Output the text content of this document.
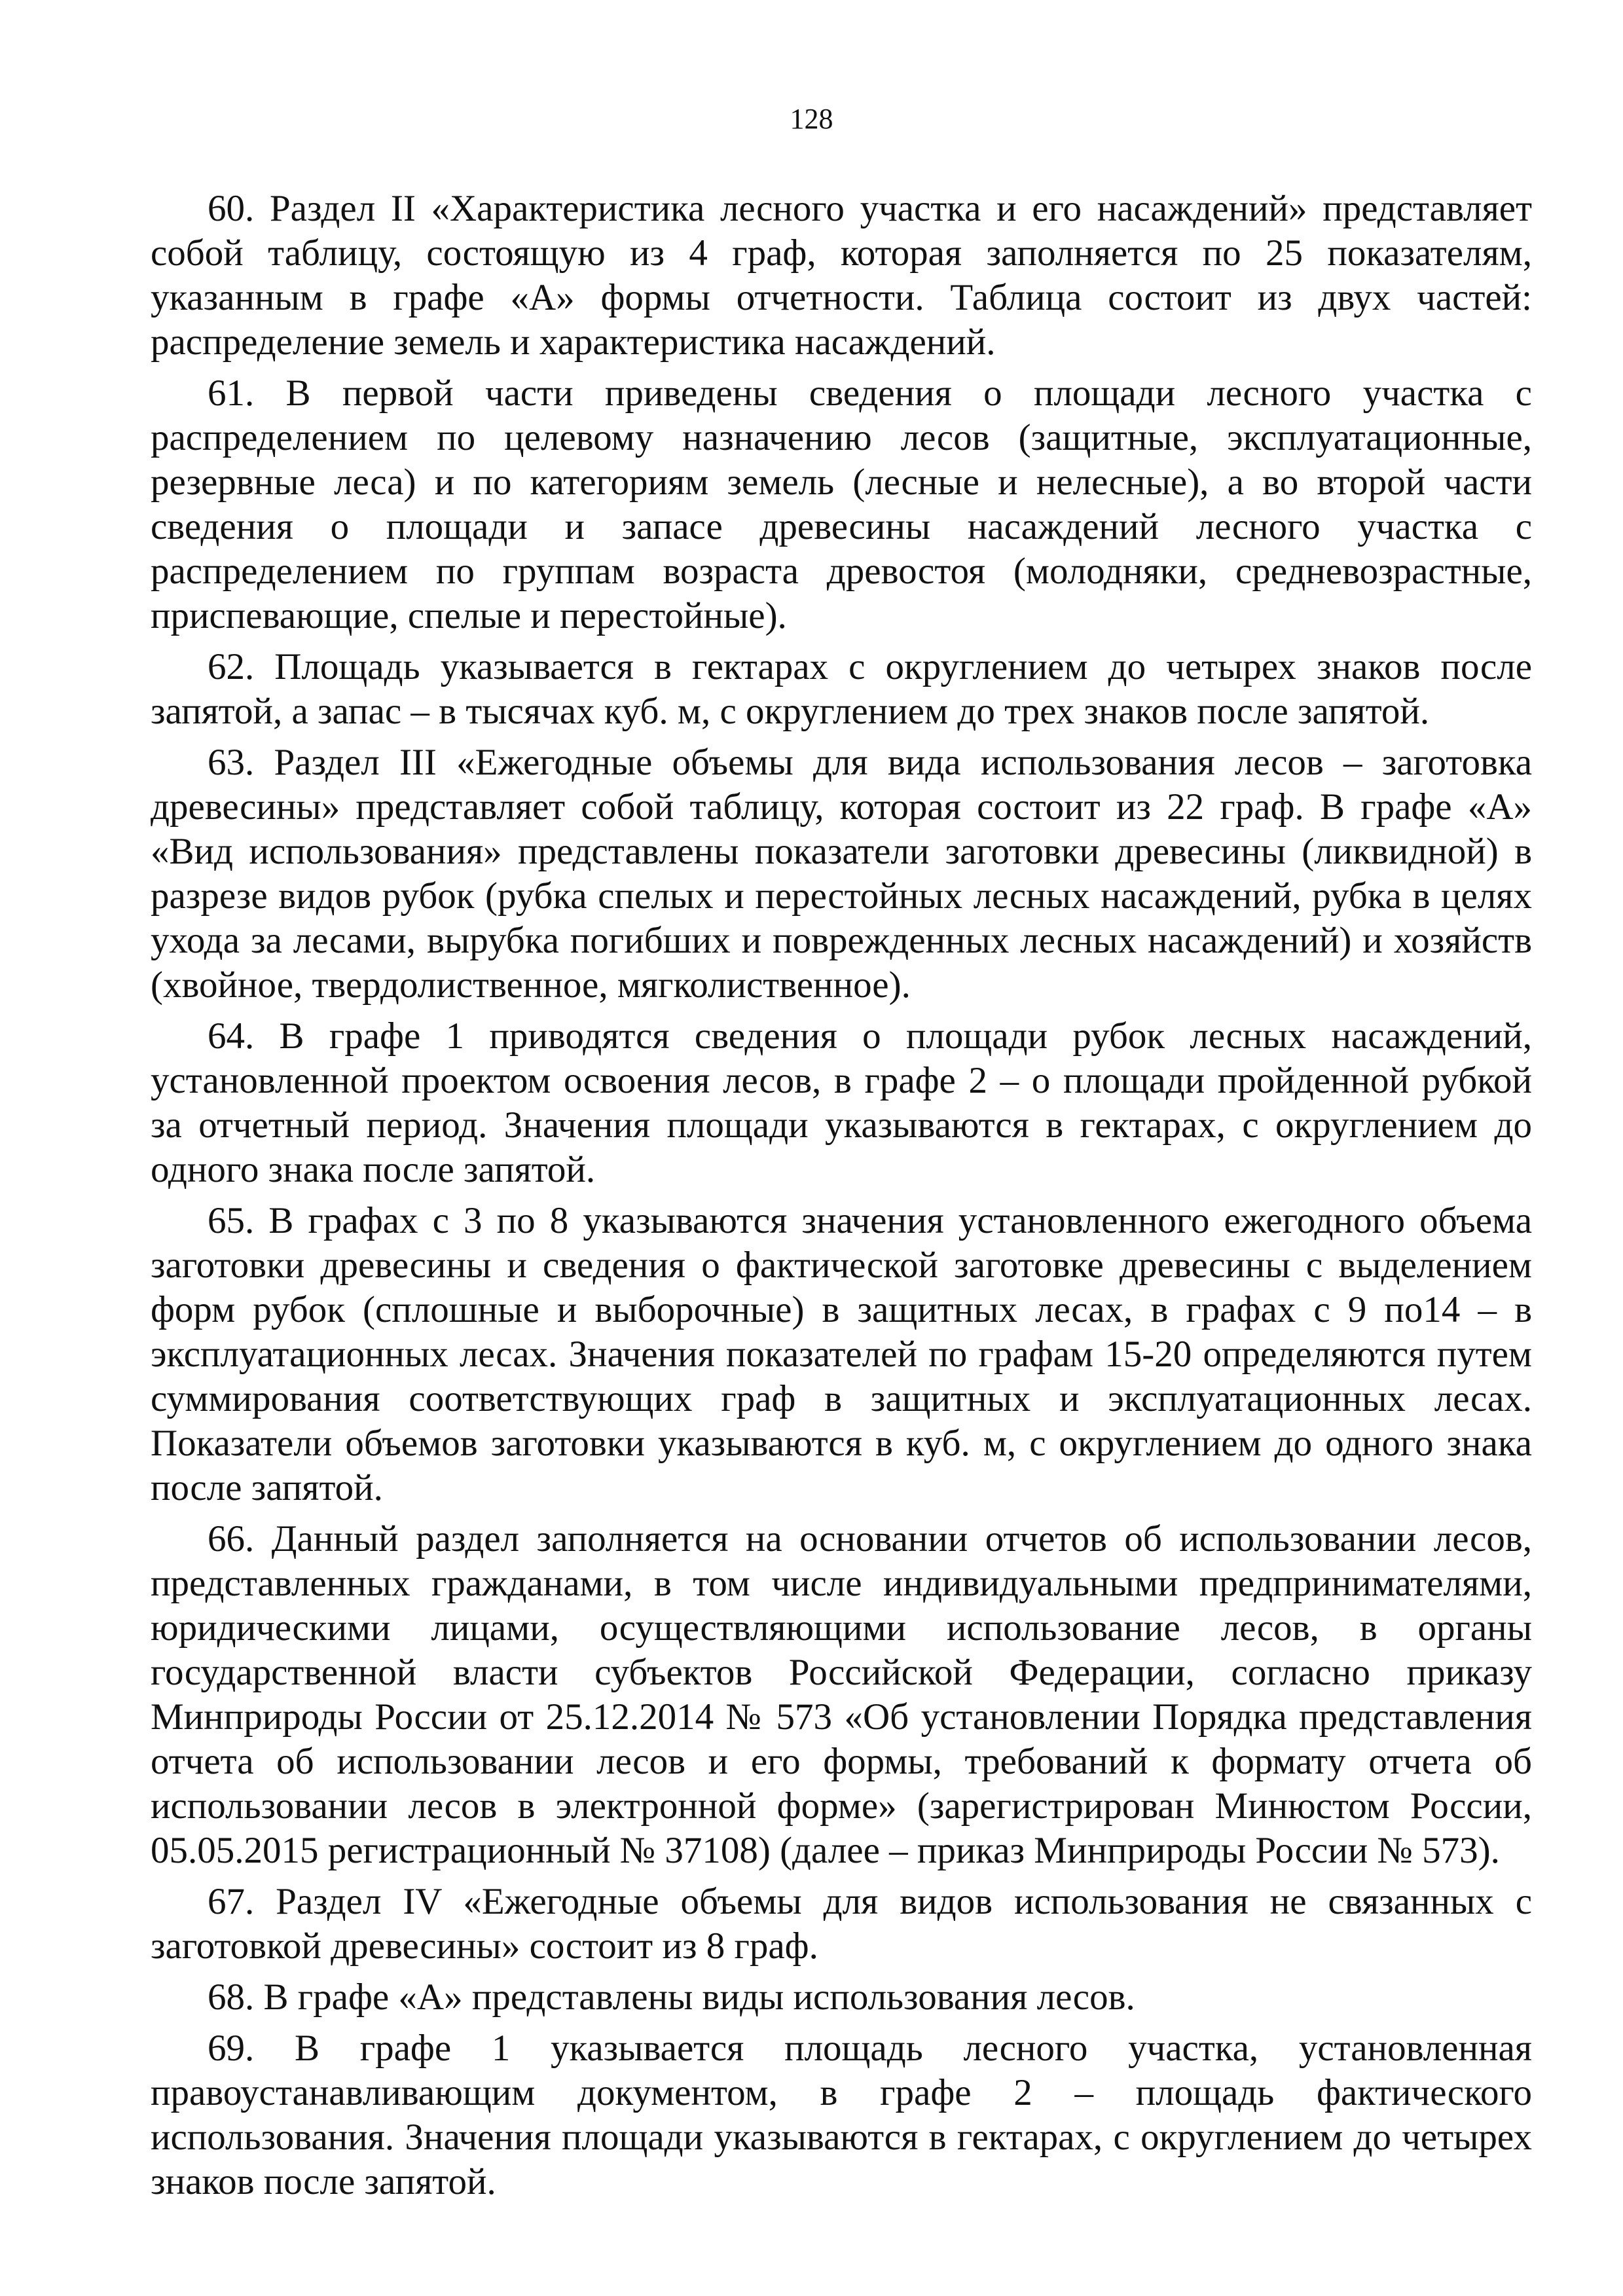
128

60. Раздел II «Характеристика лесного участка и его насаждений» представляет собой таблицу, состоящую из 4 граф, которая заполняется по 25 показателям, указанным в графе «А» формы отчетности. Таблица состоит из двух частей: распределение земель и характеристика насаждений.

61. В первой части приведены сведения о площади лесного участка с распределением по целевому назначению лесов (защитные, эксплуатационные, резервные леса) и по категориям земель (лесные и нелесные), а во второй части сведения о площади и запасе древесины насаждений лесного участка с распределением по группам возраста древостоя (молодняки, средневозрастные, приспевающие, спелые и перестойные).

62. Площадь указывается в гектарах с округлением до четырех знаков после запятой, а запас – в тысячах куб. м, с округлением до трех знаков после запятой.

63. Раздел III «Ежегодные объемы для вида использования лесов – заготовка древесины» представляет собой таблицу, которая состоит из 22 граф. В графе «А» «Вид использования» представлены показатели заготовки древесины (ликвидной) в разрезе видов рубок (рубка спелых и перестойных лесных насаждений, рубка в целях ухода за лесами, вырубка погибших и поврежденных лесных насаждений) и хозяйств (хвойное, твердолиственное, мягколиственное).

64. В графе 1 приводятся сведения о площади рубок лесных насаждений, установленной проектом освоения лесов, в графе 2 – о площади пройденной рубкой за отчетный период. Значения площади указываются в гектарах, с округлением до одного знака после запятой.

65. В графах с 3 по 8 указываются значения установленного ежегодного объема заготовки древесины и сведения о фактической заготовке древесины с выделением форм рубок (сплошные и выборочные) в защитных лесах, в графах с 9 по14 – в эксплуатационных лесах. Значения показателей по графам 15-20 определяются путем суммирования соответствующих граф в защитных и эксплуатационных лесах. Показатели объемов заготовки указываются в куб. м, с округлением до одного знака после запятой.

66. Данный раздел заполняется на основании отчетов об использовании лесов, представленных гражданами, в том числе индивидуальными предпринимателями, юридическими лицами, осуществляющими использование лесов, в органы государственной власти субъектов Российской Федерации, согласно приказу Минприроды России от 25.12.2014 № 573 «Об установлении Порядка представления отчета об использовании лесов и его формы, требований к формату отчета об использовании лесов в электронной форме» (зарегистрирован Минюстом России, 05.05.2015 регистрационный № 37108) (далее – приказ Минприроды России № 573).

67. Раздел IV «Ежегодные объемы для видов использования не связанных с заготовкой древесины» состоит из 8 граф.

68. В графе «А» представлены виды использования лесов.

69. В графе 1 указывается площадь лесного участка, установленная правоустанавливающим документом, в графе 2 – площадь фактического использования. Значения площади указываются в гектарах, с округлением до четырех знаков после запятой.
